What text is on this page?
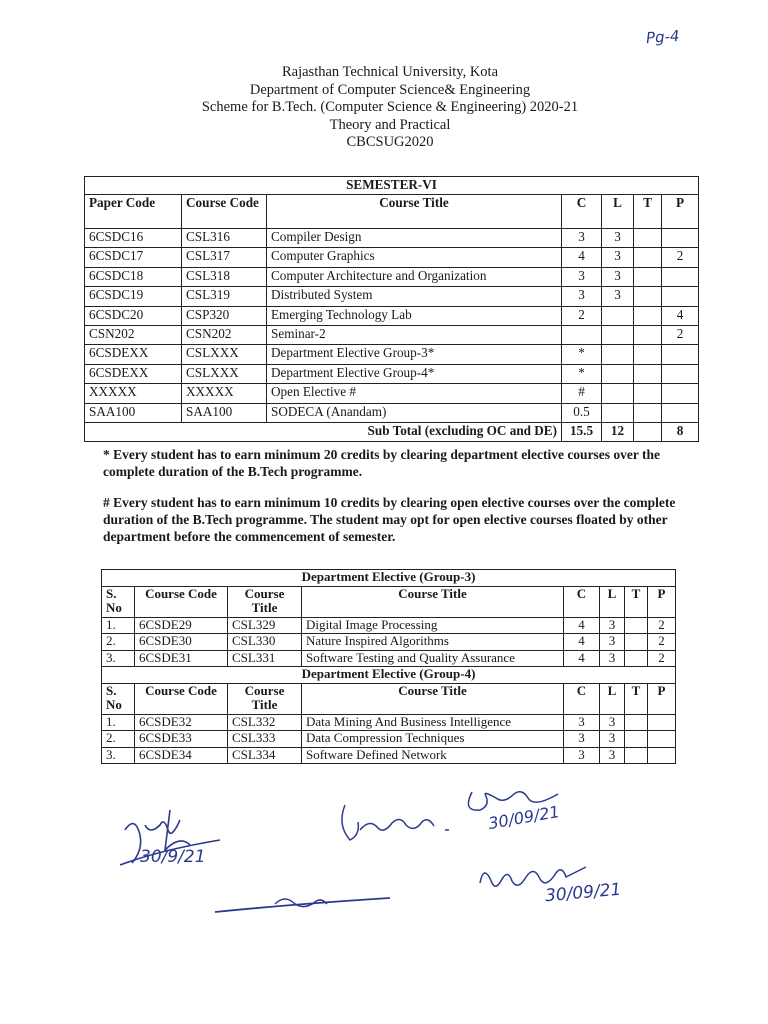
Pg-4
Rajasthan Technical University, Kota
Department of Computer Science& Engineering
Scheme for B.Tech. (Computer Science & Engineering) 2020-21
Theory and Practical
CBCSUG2020
SEMESTER-VI						
Paper Code	Course Code	Course Title	C	L	T	P
6CSDC16	CSL316	Compiler Design	3	3		
6CSDC17	CSL317	Computer Graphics	4	3		2
6CSDC18	CSL318	Computer Architecture and Organization	3	3		
6CSDC19	CSL319	Distributed System	3	3		
6CSDC20	CSP320	Emerging Technology Lab	2			4
CSN202	CSN202	Seminar-2				2
6CSDEXX	CSLXXX	Department Elective Group-3*	*			
6CSDEXX	CSLXXX	Department Elective Group-4*	*			
XXXXX	XXXXX	Open Elective #	#			
SAA100	SAA100	SODECA (Anandam)	0.5			
		Sub Total (excluding OC and DE)	15.5	12		8

* Every student has to earn minimum 20 credits by clearing department elective courses over the complete duration of the B.Tech programme.

# Every student has to earn minimum 10 credits by clearing open elective courses over the complete duration of the B.Tech programme. The student may opt for open elective courses floated by other department before the commencement of semester.

Department Elective (Group-3)							
S. No	Course Code	Course Title	Course Title	C	L	T	P
1.	6CSDE29	CSL329	Digital Image Processing	4	3		2
2.	6CSDE30	CSL330	Nature Inspired Algorithms	4	3		2
3.	6CSDE31	CSL331	Software Testing and Quality Assurance	4	3		2
Department Elective (Group-4)							
S. No	Course Code	Course Title	Course Title	C	L	T	P
1.	6CSDE32	CSL332	Data Mining And Business Intelligence	3	3		
2.	6CSDE33	CSL333	Data Compression Techniques	3	3		
3.	6CSDE34	CSL334	Software Defined Network	3	3		
30/9/21
30/09/21
30/09/21
